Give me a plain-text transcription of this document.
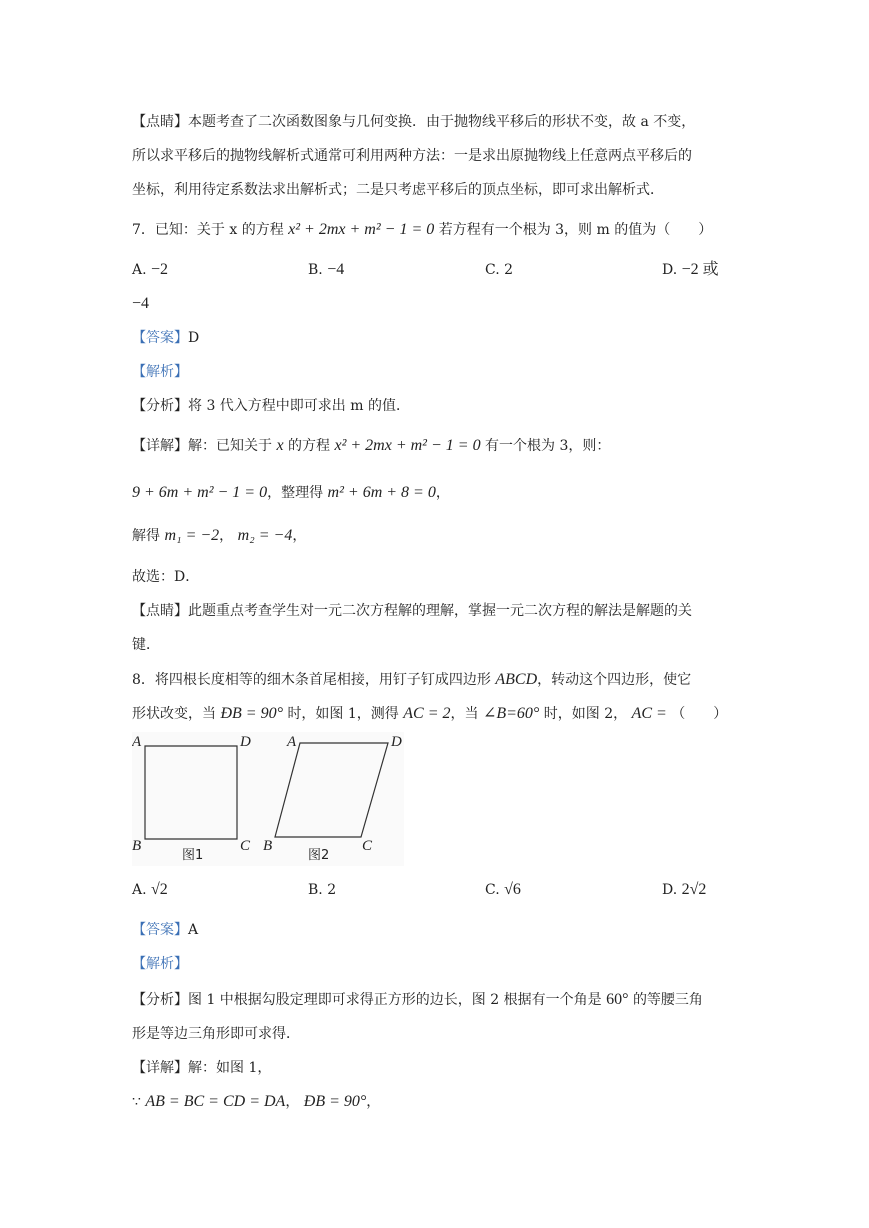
【点睛】本题考查了二次函数图象与几何变换．由于抛物线平移后的形状不变，故 a 不变，
所以求平移后的抛物线解析式通常可利用两种方法：一是求出原抛物线上任意两点平移后的
坐标，利用待定系数法求出解析式；二是只考虑平移后的顶点坐标，即可求出解析式．
7．已知：关于 x 的方程 x² + 2mx + m² − 1 = 0 若方程有一个根为 3，则 m 的值为（　　）
A. −2	B. −4	C. 2	D. −2 或
−4
【答案】D
【解析】
【分析】将 3 代入方程中即可求出 m 的值．
【详解】解：已知关于 x 的方程 x² + 2mx + m² − 1 = 0 有一个根为 3，则：
9 + 6m + m² − 1 = 0，整理得 m² + 6m + 8 = 0，
解得 m₁ = −2， m₂ = −4，
故选：D．
【点睛】此题重点考查学生对一元二次方程解的理解，掌握一元二次方程的解法是解题的关
键．
8．将四根长度相等的细木条首尾相接，用钉子钉成四边形 ABCD，转动这个四边形，使它
形状改变，当 ÐB = 90° 时，如图 1，测得 AC = 2，当 ∠B=60° 时，如图 2， AC = （　　）
A	D
B	C
图1
A	D
B	C
图2
A. √2	B. 2	C. √6	D. 2√2
【答案】A
【解析】
【分析】图 1 中根据勾股定理即可求得正方形的边长，图 2 根据有一个角是 60° 的等腰三角
形是等边三角形即可求得．
【详解】解：如图 1，
∵ AB = BC = CD = DA， ÐB = 90°，
